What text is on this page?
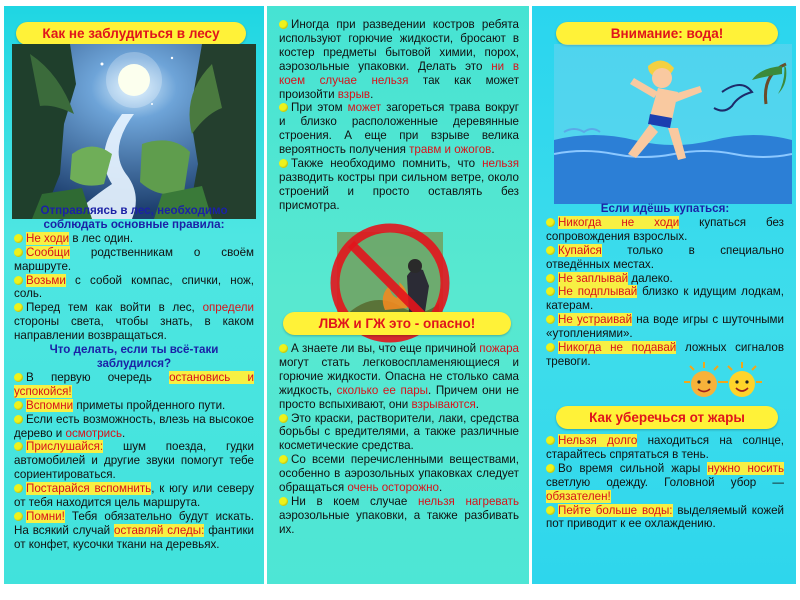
Как не заблудиться в лесу

Отправляясь в лес, необходимо соблюдать основные правила:

Не ходи в лес один.

Сообщи родственникам о своём маршруте.

Возьми с собой компас, спички, нож, соль.

Перед тем как войти в лес, определи стороны света, чтобы знать, в каком направлении возвращаться.

Что делать, если ты всё-таки заблудился?

В первую очередь остановись и успокойся!

Вспомни приметы пройденного пути.

Если есть возможность, влезь на высокое дерево и осмотрись.

Прислушайся: шум поезда, гудки автомобилей и другие звуки помогут тебе сориентироваться.

Постарайся вспомнить, к югу или северу от тебя находится цель маршрута.

Помни! Тебя обязательно будут искать. На всякий случай оставляй следы: фантики от конфет, кусочки ткани на деревьях.

Иногда при разведении костров ребята используют горючие жидкости, бросают в костер предметы бытовой химии, порох, аэрозольные упаковки. Делать это ни в коем случае нельзя так как может произойти взрыв.

При этом может загореться трава вокруг и близко расположенные деревянные строения. А еще при взрыве велика вероятность получения травм и ожогов.

Также необходимо помнить, что нельзя разводить костры при сильном ветре, около строений и просто оставлять без присмотра.

ЛВЖ и ГЖ это - опасно!

А знаете ли вы, что еще причиной пожара могут стать легковоспламеняющиеся и горючие жидкости. Опасна не столько сама жидкость, сколько ее пары. Причем они не просто вспыхивают, они взрываются.

Это краски, растворители, лаки, средства борьбы с вредителями, а также различные косметические средства.

Со всеми перечисленными веществами, особенно в аэрозольных упаковках следует обращаться очень осторожно.

Ни в коем случае нельзя нагревать аэрозольные упаковки, а также разбивать их.

Внимание: вода!

Если идёшь купаться:

Никогда не ходи купаться без сопровождения взрослых.

Купайся только в специально отведённых местах.

Не заплывай далеко.

Не подплывай близко к идущим лодкам, катерам.

Не устраивай на воде игры с шуточными «утоплениями».

Никогда не подавай ложных сигналов тревоги.

Как уберечься от жары

Нельзя долго находиться на солнце, старайтесь спрятаться в тень.

Во время сильной жары нужно носить светлую одежду. Головной убор — обязателен!

Пейте больше воды: выделяемый кожей пот приводит к ее охлаждению.
